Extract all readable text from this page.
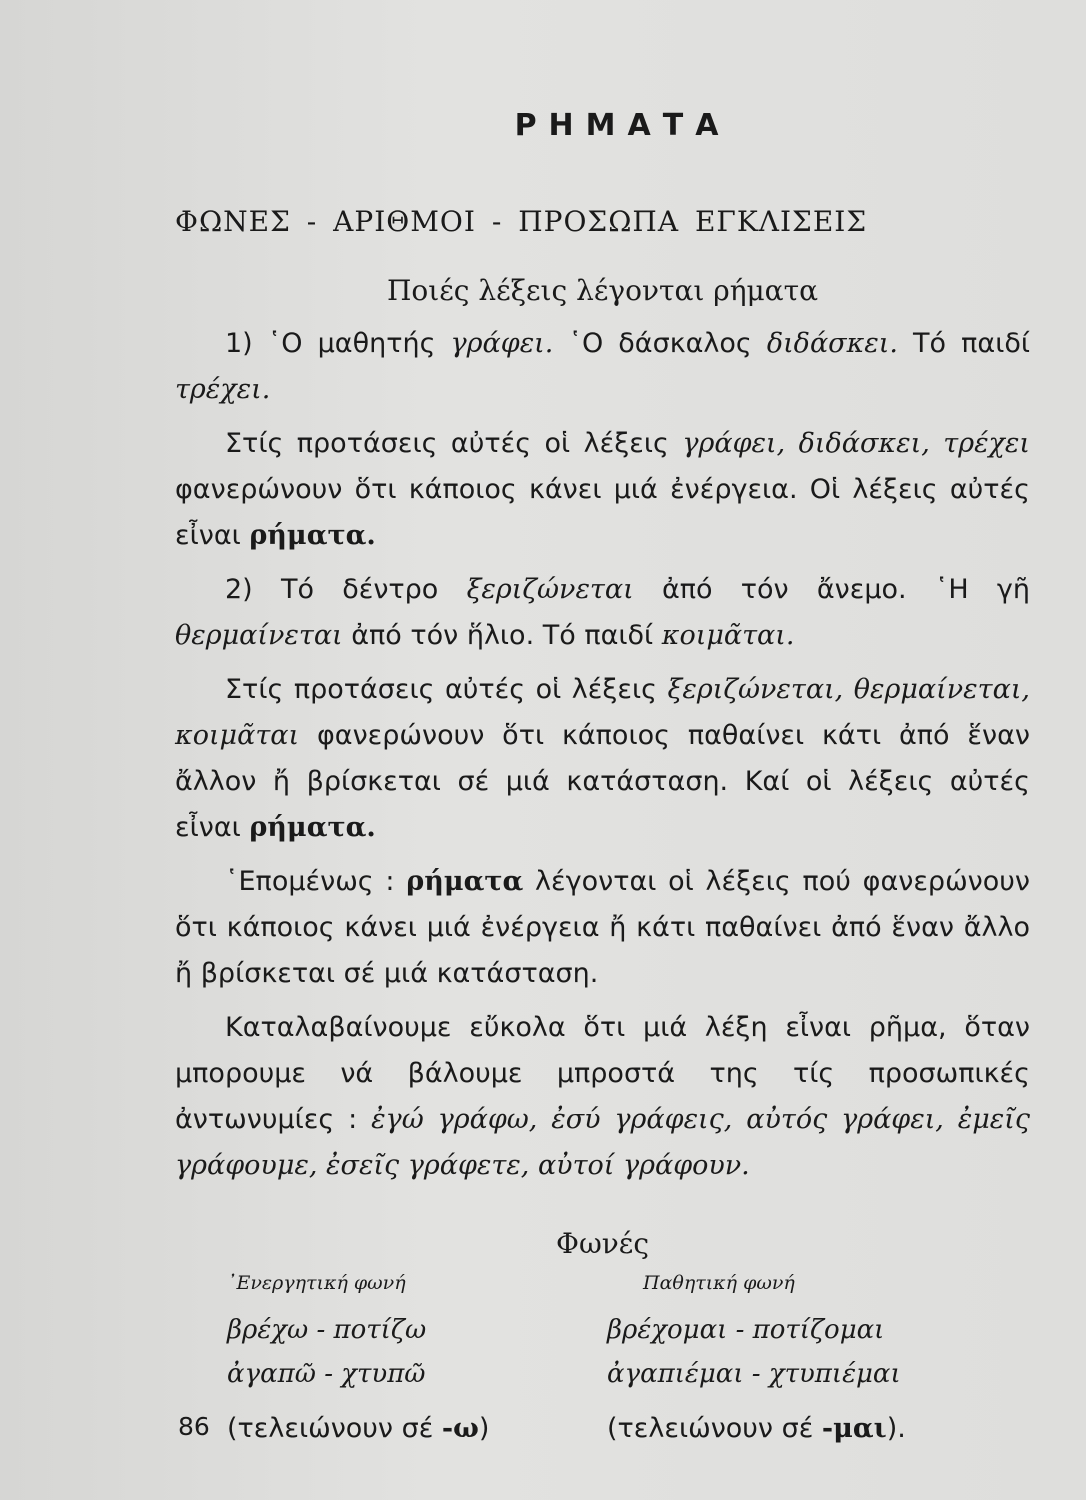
ΡΗΜΑΤΑ
ΦΩΝΕΣ - ΑΡΙΘΜΟΙ - ΠΡΟΣΩΠΑ ΕΓΚΛΙΣΕΙΣ
Ποιές λέξεις λέγονται ρήματα

1) ῾Ο μαθητής γράφει. ῾Ο δάσκαλος διδάσκει. Τό παιδί τρέχει.

Στίς προτάσεις αὐτές οἱ λέξεις γράφει, διδάσκει, τρέχει φανερώνουν ὅτι κάποιος κάνει μιά ἐνέργεια. Οἱ λέξεις αὐτές εἶναι ρήματα.

2) Τό δέντρο ξεριζώνεται ἀπό τόν ἄνεμο. ῾Η γῆ θερμαίνεται ἀπό τόν ἥλιο. Τό παιδί κοιμᾶται.

Στίς προτάσεις αὐτές οἱ λέξεις ξεριζώνεται, θερμαίνεται, κοιμᾶται φανερώνουν ὅτι κάποιος παθαίνει κάτι ἀπό ἕναν ἄλλον ἤ βρίσκεται σέ μιά κατάσταση. Καί οἱ λέξεις αὐτές εἶναι ρήματα.

῾Επομένως : ρήματα λέγονται οἱ λέξεις πού φανερώνουν ὅτι κάποιος κάνει μιά ἐνέργεια ἤ κάτι παθαίνει ἀπό ἕναν ἄλλο ἤ βρίσκεται σέ μιά κατάσταση.

Καταλαβαίνουμε εὔκολα ὅτι μιά λέξη εἶναι ρῆμα, ὅταν μπορουμε νά βάλουμε μπροστά της τίς προσωπικές ἀντωνυμίες : ἐγώ γράφω, ἐσύ γράφεις, αὐτός γράφει, ἐμεῖς γράφουμε, ἐσεῖς γράφετε, αὐτοί γράφουν.

Φωνές
᾿Ενεργητική φωνή
βρέχω - ποτίζω
ἀγαπῶ - χτυπῶ
(τελειώνουν σέ -ω)
Παθητική φωνή
βρέχομαι - ποτίζομαι
ἀγαπιέμαι - χτυπιέμαι
(τελειώνουν σέ -μαι).
86
